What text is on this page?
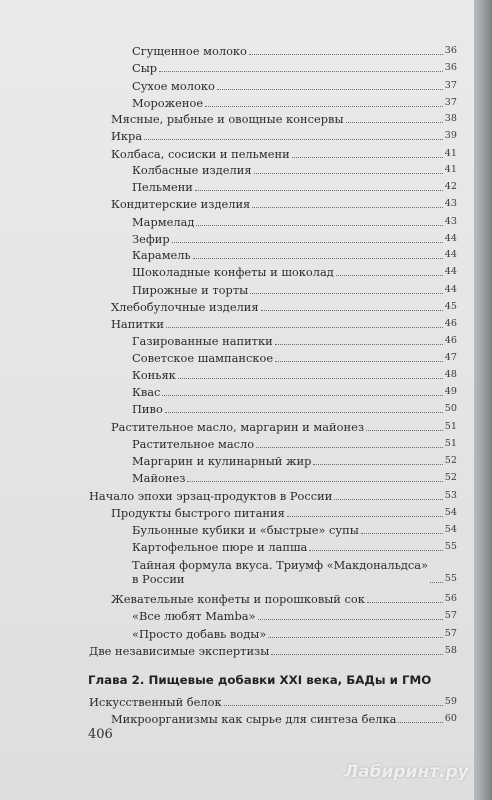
Сгущенное молоко	36
Сыр	36
Сухое молоко	37
Мороженое	37
Мясные, рыбные и овощные консервы	38
Икра	39
Колбаса, сосиски и пельмени	41
Колбасные изделия	41
Пельмени	42
Кондитерские изделия	43
Мармелад	43
Зефир	44
Карамель	44
Шоколадные конфеты и шоколад	44
Пирожные и торты	44
Хлебобулочные изделия	45
Напитки	46
Газированные напитки	46
Советское шампанское	47
Коньяк	48
Квас	49
Пиво	50
Растительное масло, маргарин и майонез	51
Растительное масло	51
Маргарин и кулинарный жир	52
Майонез	52
Начало эпохи эрзац-продуктов в России	53
Продукты быстрого питания	54
Бульонные кубики и «быстрые» супы	54
Картофельное пюре и лапша	55
Тайная формула вкуса. Триумф «Макдональдса»
в России	55
Жевательные конфеты и порошковый сок	56
«Все любят Mamba»	57
«Просто добавь воды»	57
Две независимые экспертизы	58
Глава 2. Пищевые добавки XXI века, БАДы и ГМО
Искусственный белок	59
Микроорганизмы как сырье для синтеза белка	60
406
Лабиринт.ру
